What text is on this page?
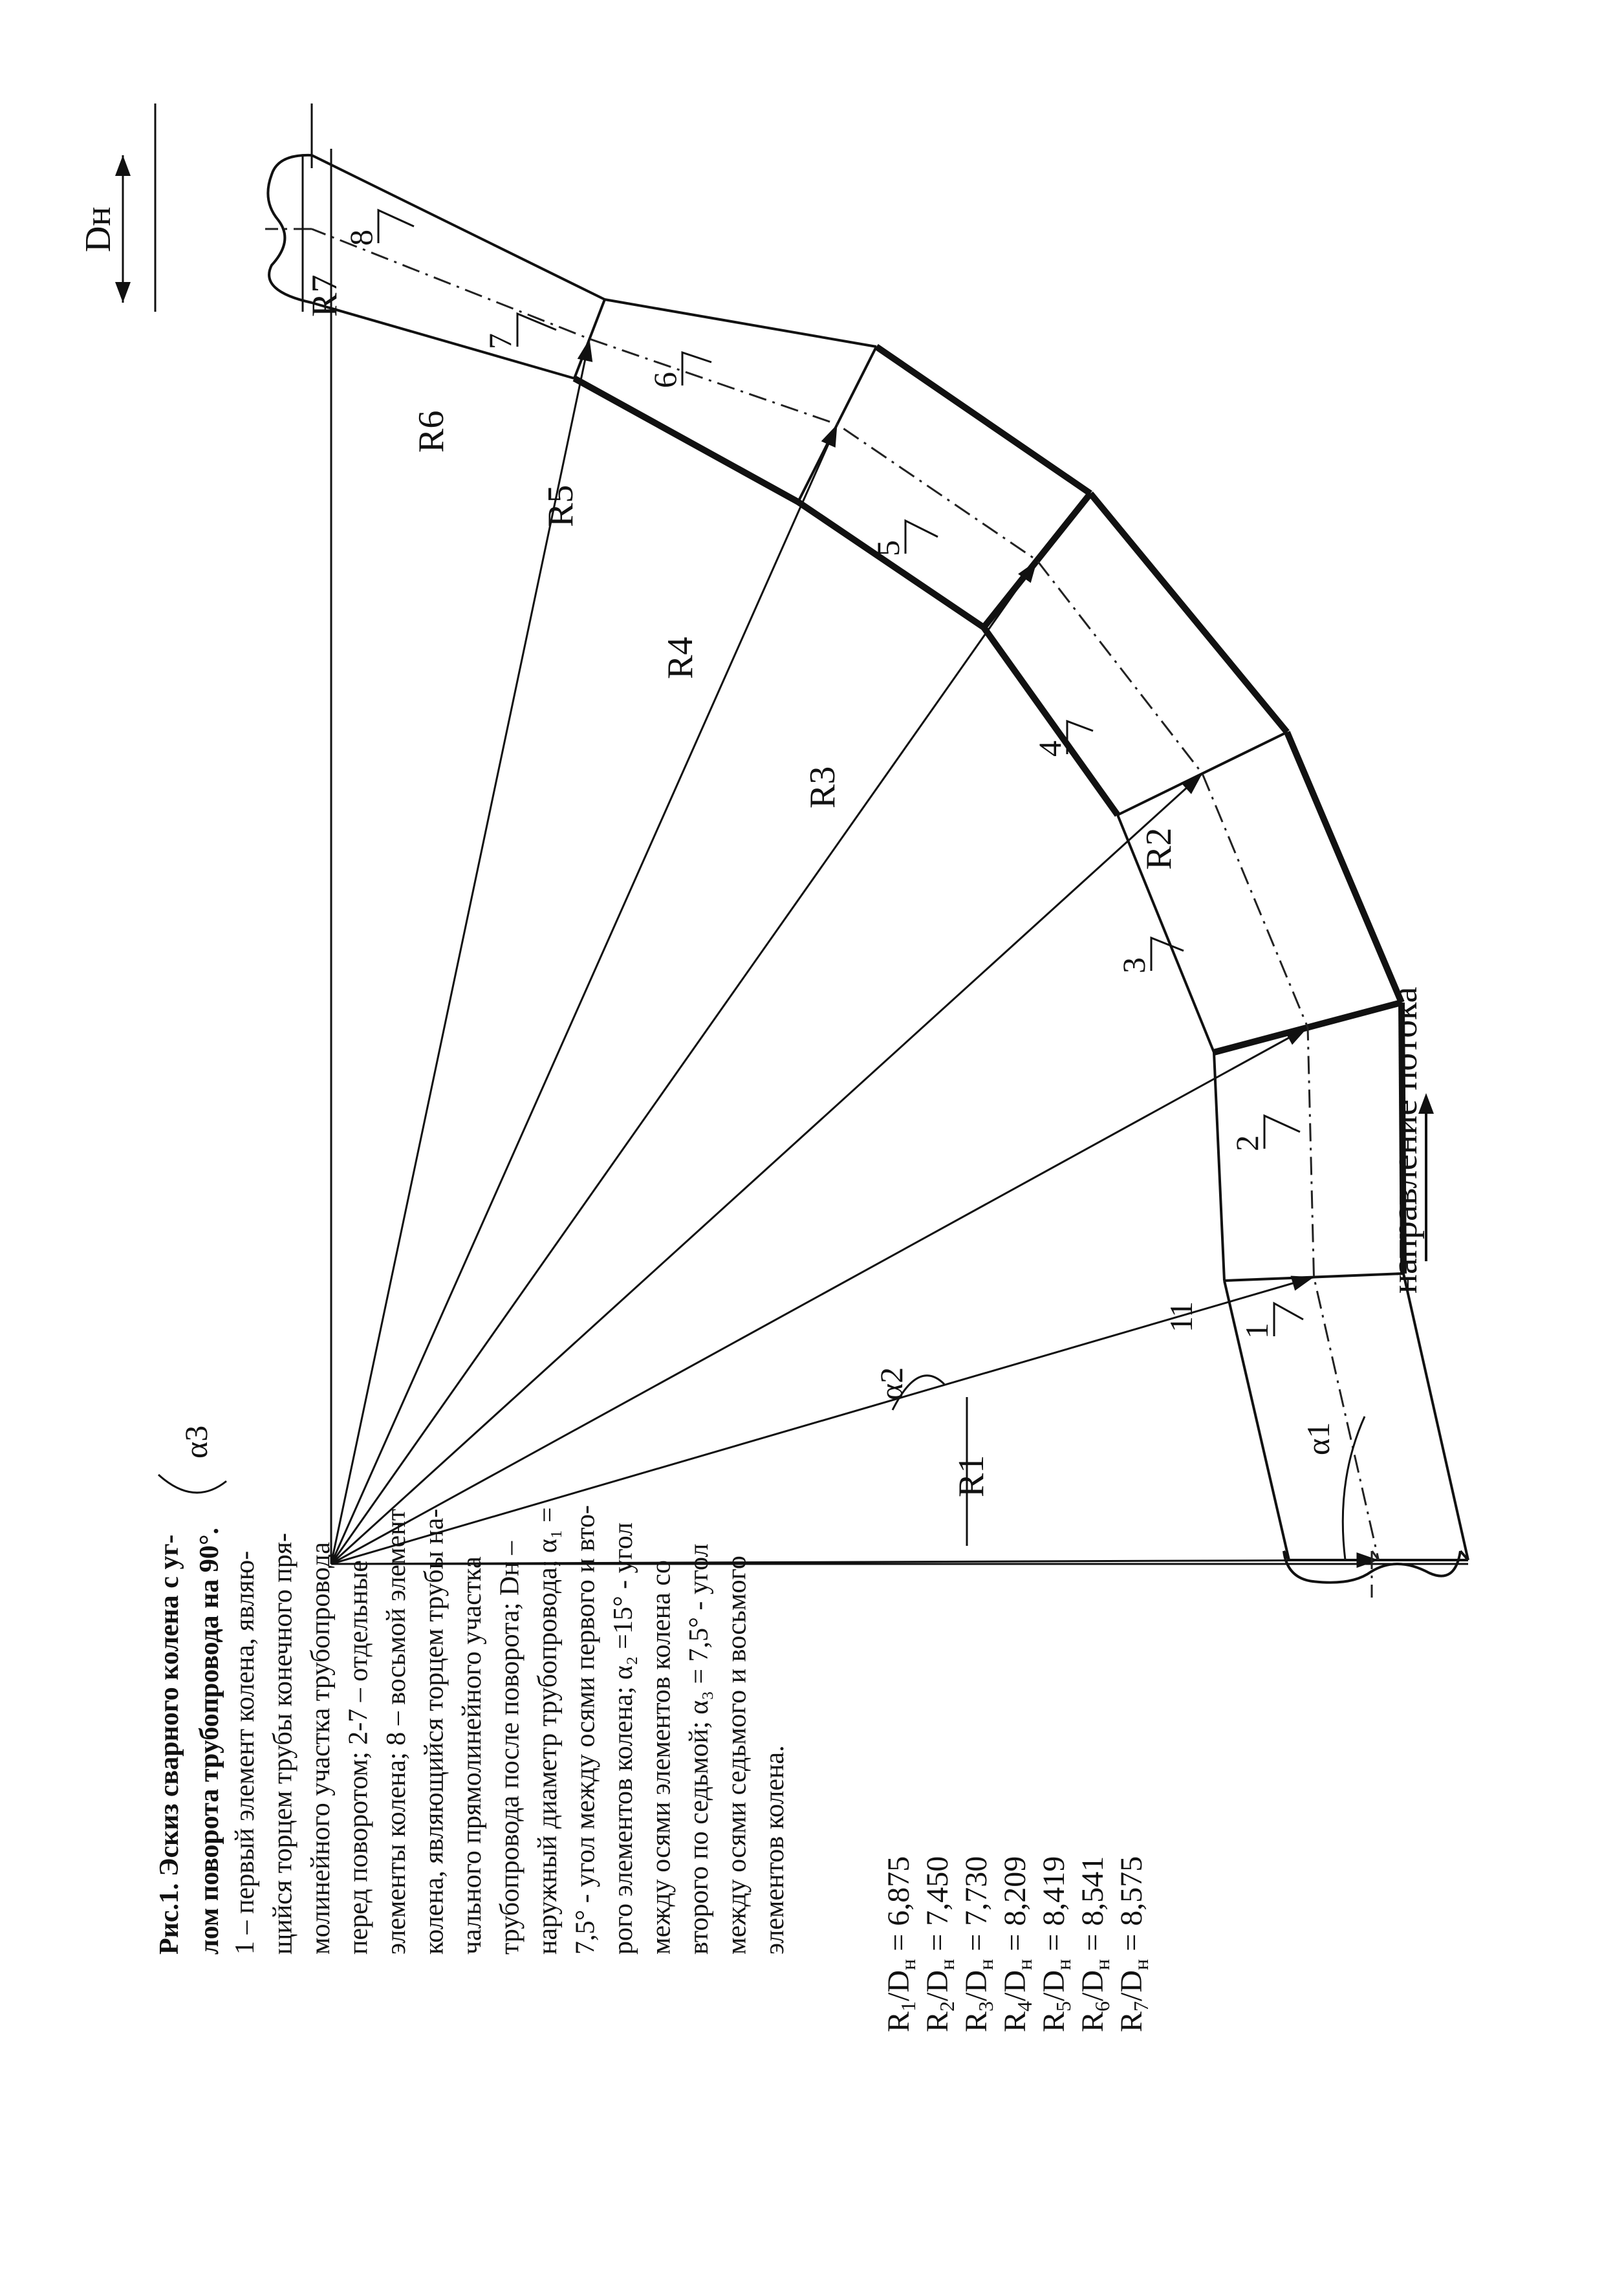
Рис.1. Эскиз сварного колена с уг- лом поворота трубопровода на 90°. 1 – первый элемент колена, являю- щийся торцем трубы конечного пря- молинейного участка трубопровода перед поворотом; 2-7 – отдельные элементы колена; 8 – восьмой элемент колена, являющийся торцем трубы на- чального прямолинейного участка трубопровода после поворота; Dн – наружный диаметр трубопровода; α₁ = 7,5° - угол между осями первого и вто- рого элементов колена; α₂ =15° - угол между осями элементов колена со второго по седьмой; α₃ = 7,5° - угол между осями седьмого и восьмого элементов колена.
$R_1/D_н = 6,875$
$R_2/D_н = 7,450$
$R_3/D_н = 7,730$
$R_4/D_н = 8,209$
$R_5/D_н = 8,419$
$R_6/D_н = 8,541$
$R_7/D_н = 8,575$
направление потока
11 1
2
3
4
5
6
7
8
R1
R2
R3
R4
R5
R6
R7
α1
α2
α3
Dн
